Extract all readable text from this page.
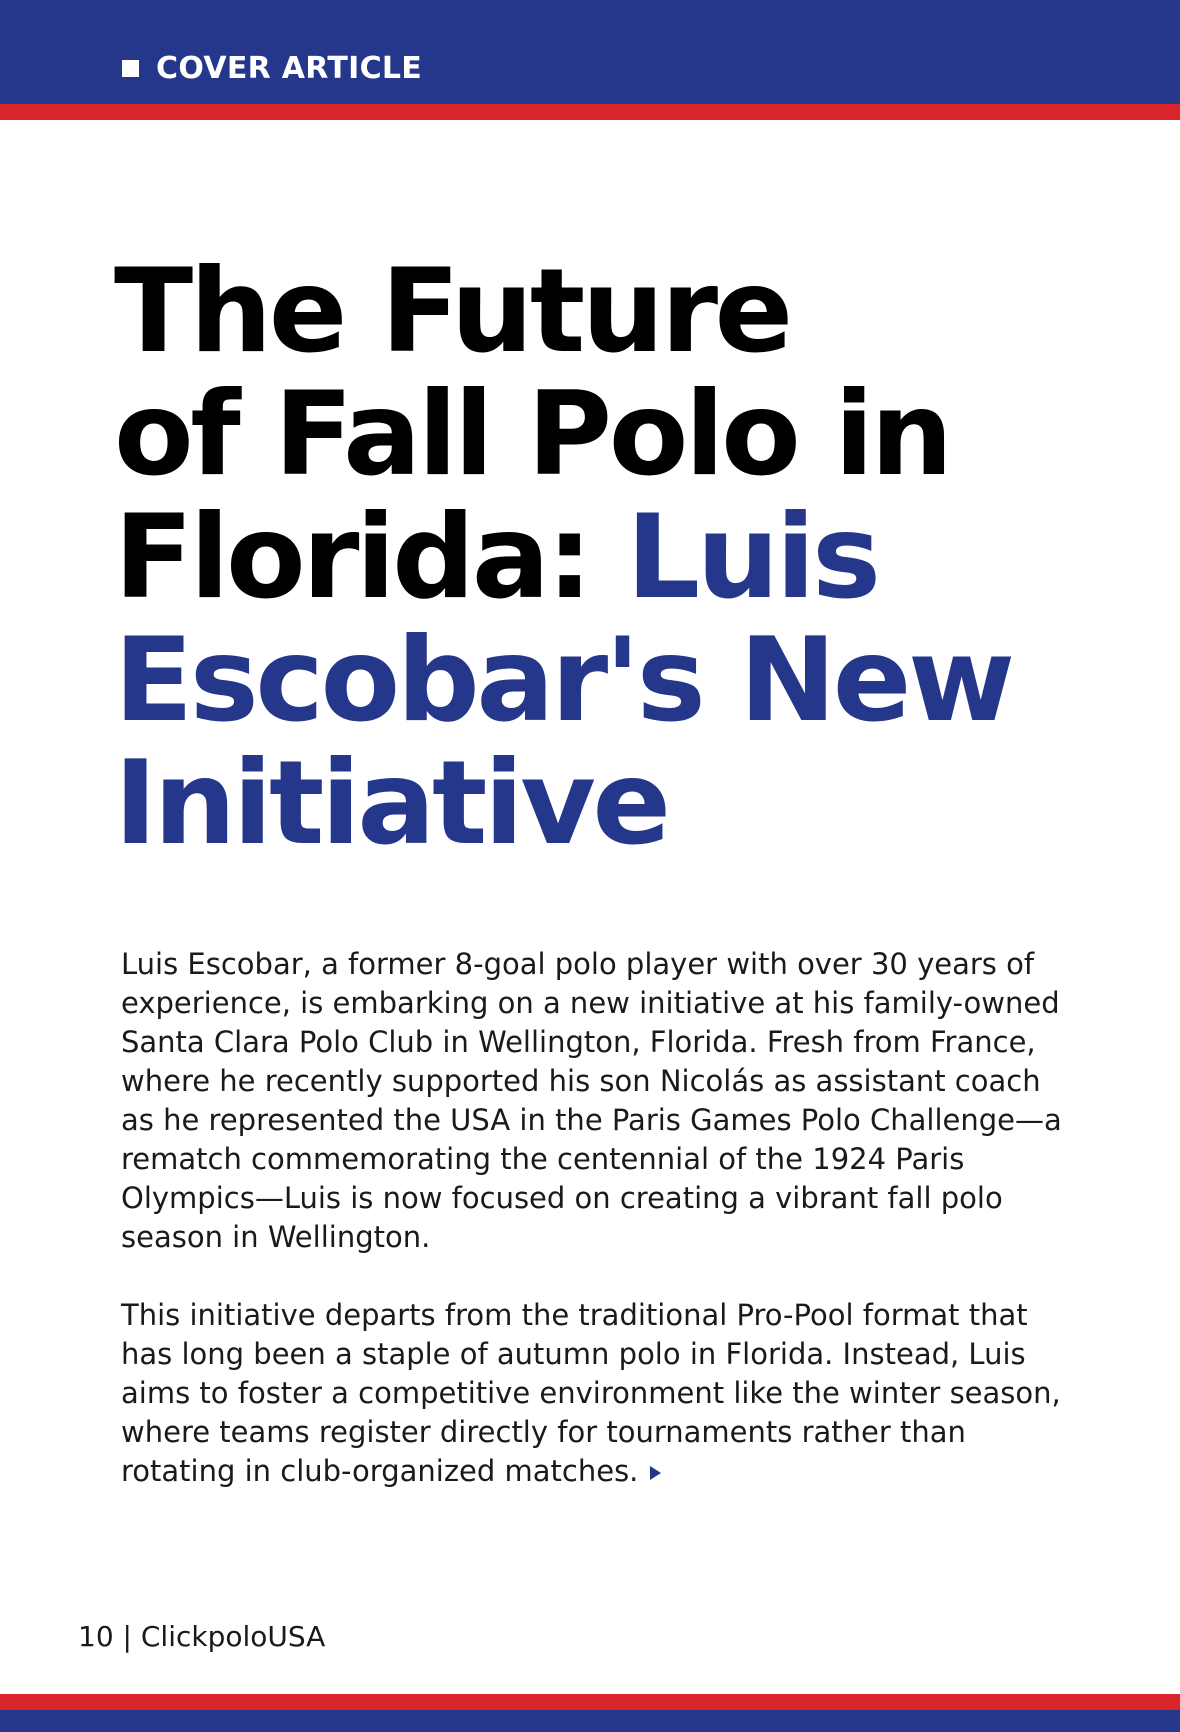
COVER ARTICLE
The Future
of Fall Polo in
Florida: Luis
Escobar's New
Initiative

Luis Escobar, a former 8-goal polo player with over 30 years of experience, is embarking on a new initiative at his family-owned Santa Clara Polo Club in Wellington, Florida. Fresh from France, where he recently supported his son Nicolás as assistant coach as he represented the USA in the Paris Games Polo Challenge—a rematch commemorating the centennial of the 1924 Paris Olympics—Luis is now focused on creating a vibrant fall polo season in Wellington.

This initiative departs from the traditional Pro-Pool format that has long been a staple of autumn polo in Florida. Instead, Luis aims to foster a competitive environment like the winter season, where teams register directly for tournaments rather than rotating in club-organized matches.

10 | ClickpoloUSA
